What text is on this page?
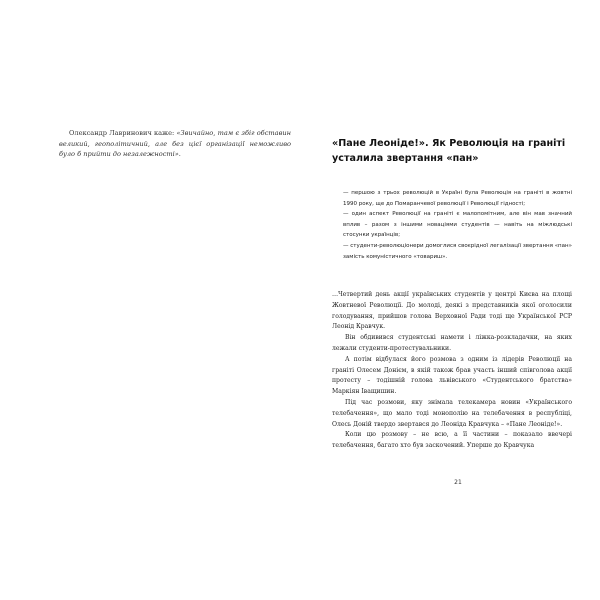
Олександр Лавринович каже: «Звичайно, там є збіг обставин великий, геополітичний, але без цієї організації неможливо було б прийти до незалежності».

«Пане Леоніде!». Як Революція на граніті
усталила звертання «пан»

— першою з трьох революцій в Україні була Революція на граніті в жовтні 1990 року, ще до Помаранчевої революції і Революції гідності;

— один аспект Революції на граніті є малопомітним, але він мав значний вплив – разом з іншими новаціями студентів — навіть на міжлюдські стосунки українців;

— студенти-революціонери домоглися своєрідної легалізації звертання «пан» замість комуністичного «товариш».

…Четвертий день акції українських студентів у центрі Києва на площі Жовтневої Революції. До молоді, деякі з представників якої оголосили голодування, прийшов голова Верховної Ради тоді ще Української РСР Леонід Кравчук.

Він обдивився студентські намети і ліжка-розкладачки, на яких лежали студенти-протестувальники.

А потім відбулася його розмова з одним із лідерів Революції на граніті Олесем Донієм, в якій також брав участь інший співголова акції протесту – тодішній голова львівського «Студентського братства» Маркіян Іващишин.

Під час розмови, яку знімала телекамера новин «Українського телебачення», що мало тоді монополію на телебачення в республіці, Олесь Доній твердо звертався до Леоніда Кравчука – «Пане Леоніде!».

Коли цю розмову – не всю, а її частини – показало ввечері телебачення, багато хто був заскочений. Уперше до Кравчука

21
